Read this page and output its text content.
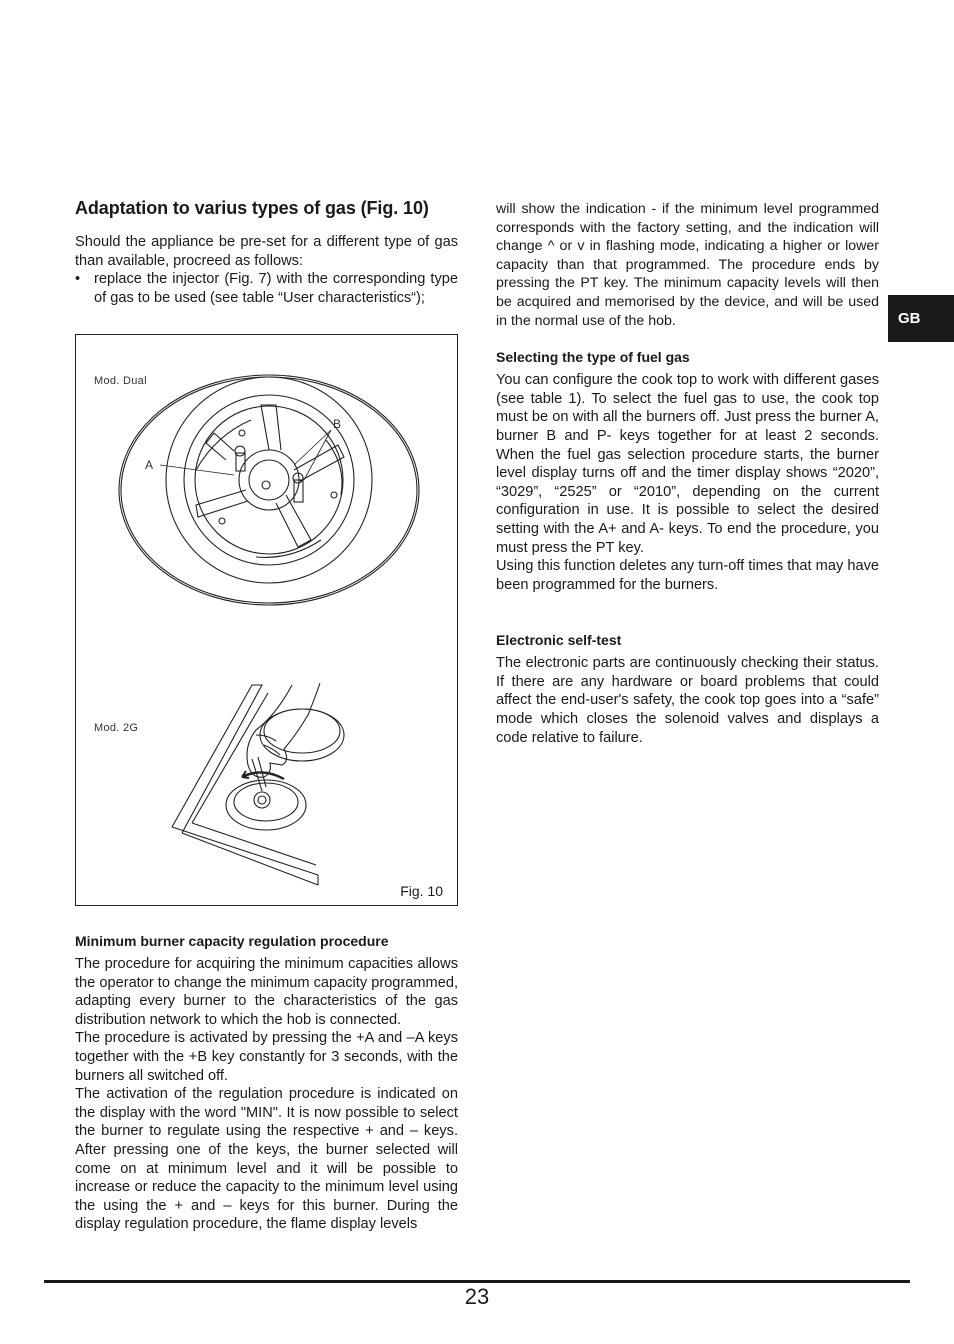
Adaptation to varius types of gas (Fig. 10)

Should the appliance be pre-set for a different type of gas than available, procreed as follows:

• replace the injector (Fig. 7) with the corresponding type of gas to be used (see table “User characteristics“);
Mod. Dual
Mod. 2G
A
B
Fig. 10
Minimum burner capacity regulation procedure

The procedure for acquiring the minimum capacities allows the operator to change the minimum capacity programmed, adapting every burner to the characteristics of the gas distribution network to which the hob is connected.

The procedure is activated by pressing the +A and –A keys together with the +B key constantly for 3 seconds, with the burners all switched off.

The activation of the regulation procedure is indicated on the display with the word "MIN". It is now possible to select the burner to regulate using the respective + and – keys. After pressing one of the keys, the burner selected will come on at minimum level and it will be possible to increase or reduce the capacity to the minimum level using the using the + and – keys for this burner. During the display regulation procedure, the flame display levels

will show the indication - if the minimum level programmed corresponds with the factory setting, and the indication will change ^ or v in flashing mode, indicating a higher or lower capacity than that programmed. The procedure ends by pressing the PT key. The minimum capacity levels will then be acquired and memorised by the device, and will be used in the normal use of the hob.

Selecting the type of fuel gas

You can configure the cook top to work with different gases (see table 1). To select the fuel gas to use, the cook top must be on with all the burners off. Just press the burner A, burner B and P- keys together for at least 2 seconds. When the fuel gas selection procedure starts, the burner level display turns off and the timer display shows “2020”, “3029”, “2525” or “2010”, depending on the current configuration in use. It is possible to select the desired setting with the A+ and A- keys. To end the procedure, you must press the PT key.

Using this function deletes any turn-off times that may have been programmed for the burners.

Electronic self-test

The electronic parts are continuously checking their status. If there are any hardware or board problems that could affect the end-user's safety, the cook top goes into a “safe” mode which closes the solenoid valves and displays a code relative to failure.

GB
23
